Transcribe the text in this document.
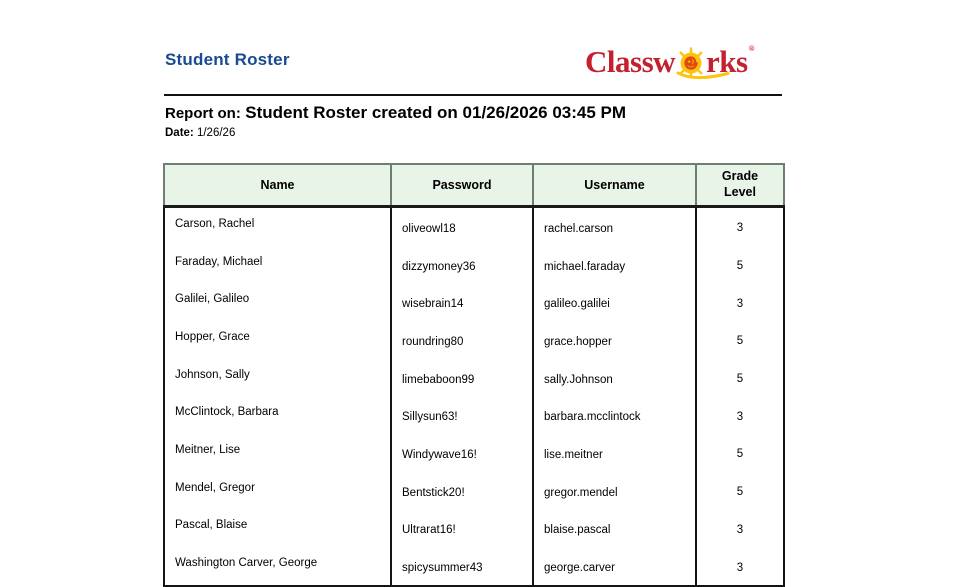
Student Roster	Classw rks ®
Report on: Student Roster created on 01/26/2026 03:45 PM
Date: 1/26/26
Name	Password	Username	Grade Level
Carson, Rachel	oliveowl18	rachel.carson	3
Faraday, Michael	dizzymoney36	michael.faraday	5
Galilei, Galileo	wisebrain14	galileo.galilei	3
Hopper, Grace	roundring80	grace.hopper	5
Johnson, Sally	limebaboon99	sally.Johnson	5
McClintock, Barbara	Sillysun63!	barbara.mcclintock	3
Meitner, Lise	Windywave16!	lise.meitner	5
Mendel, Gregor	Bentstick20!	gregor.mendel	5
Pascal, Blaise	Ultrarat16!	blaise.pascal	3
Washington Carver, George	spicysummer43	george.carver	3
